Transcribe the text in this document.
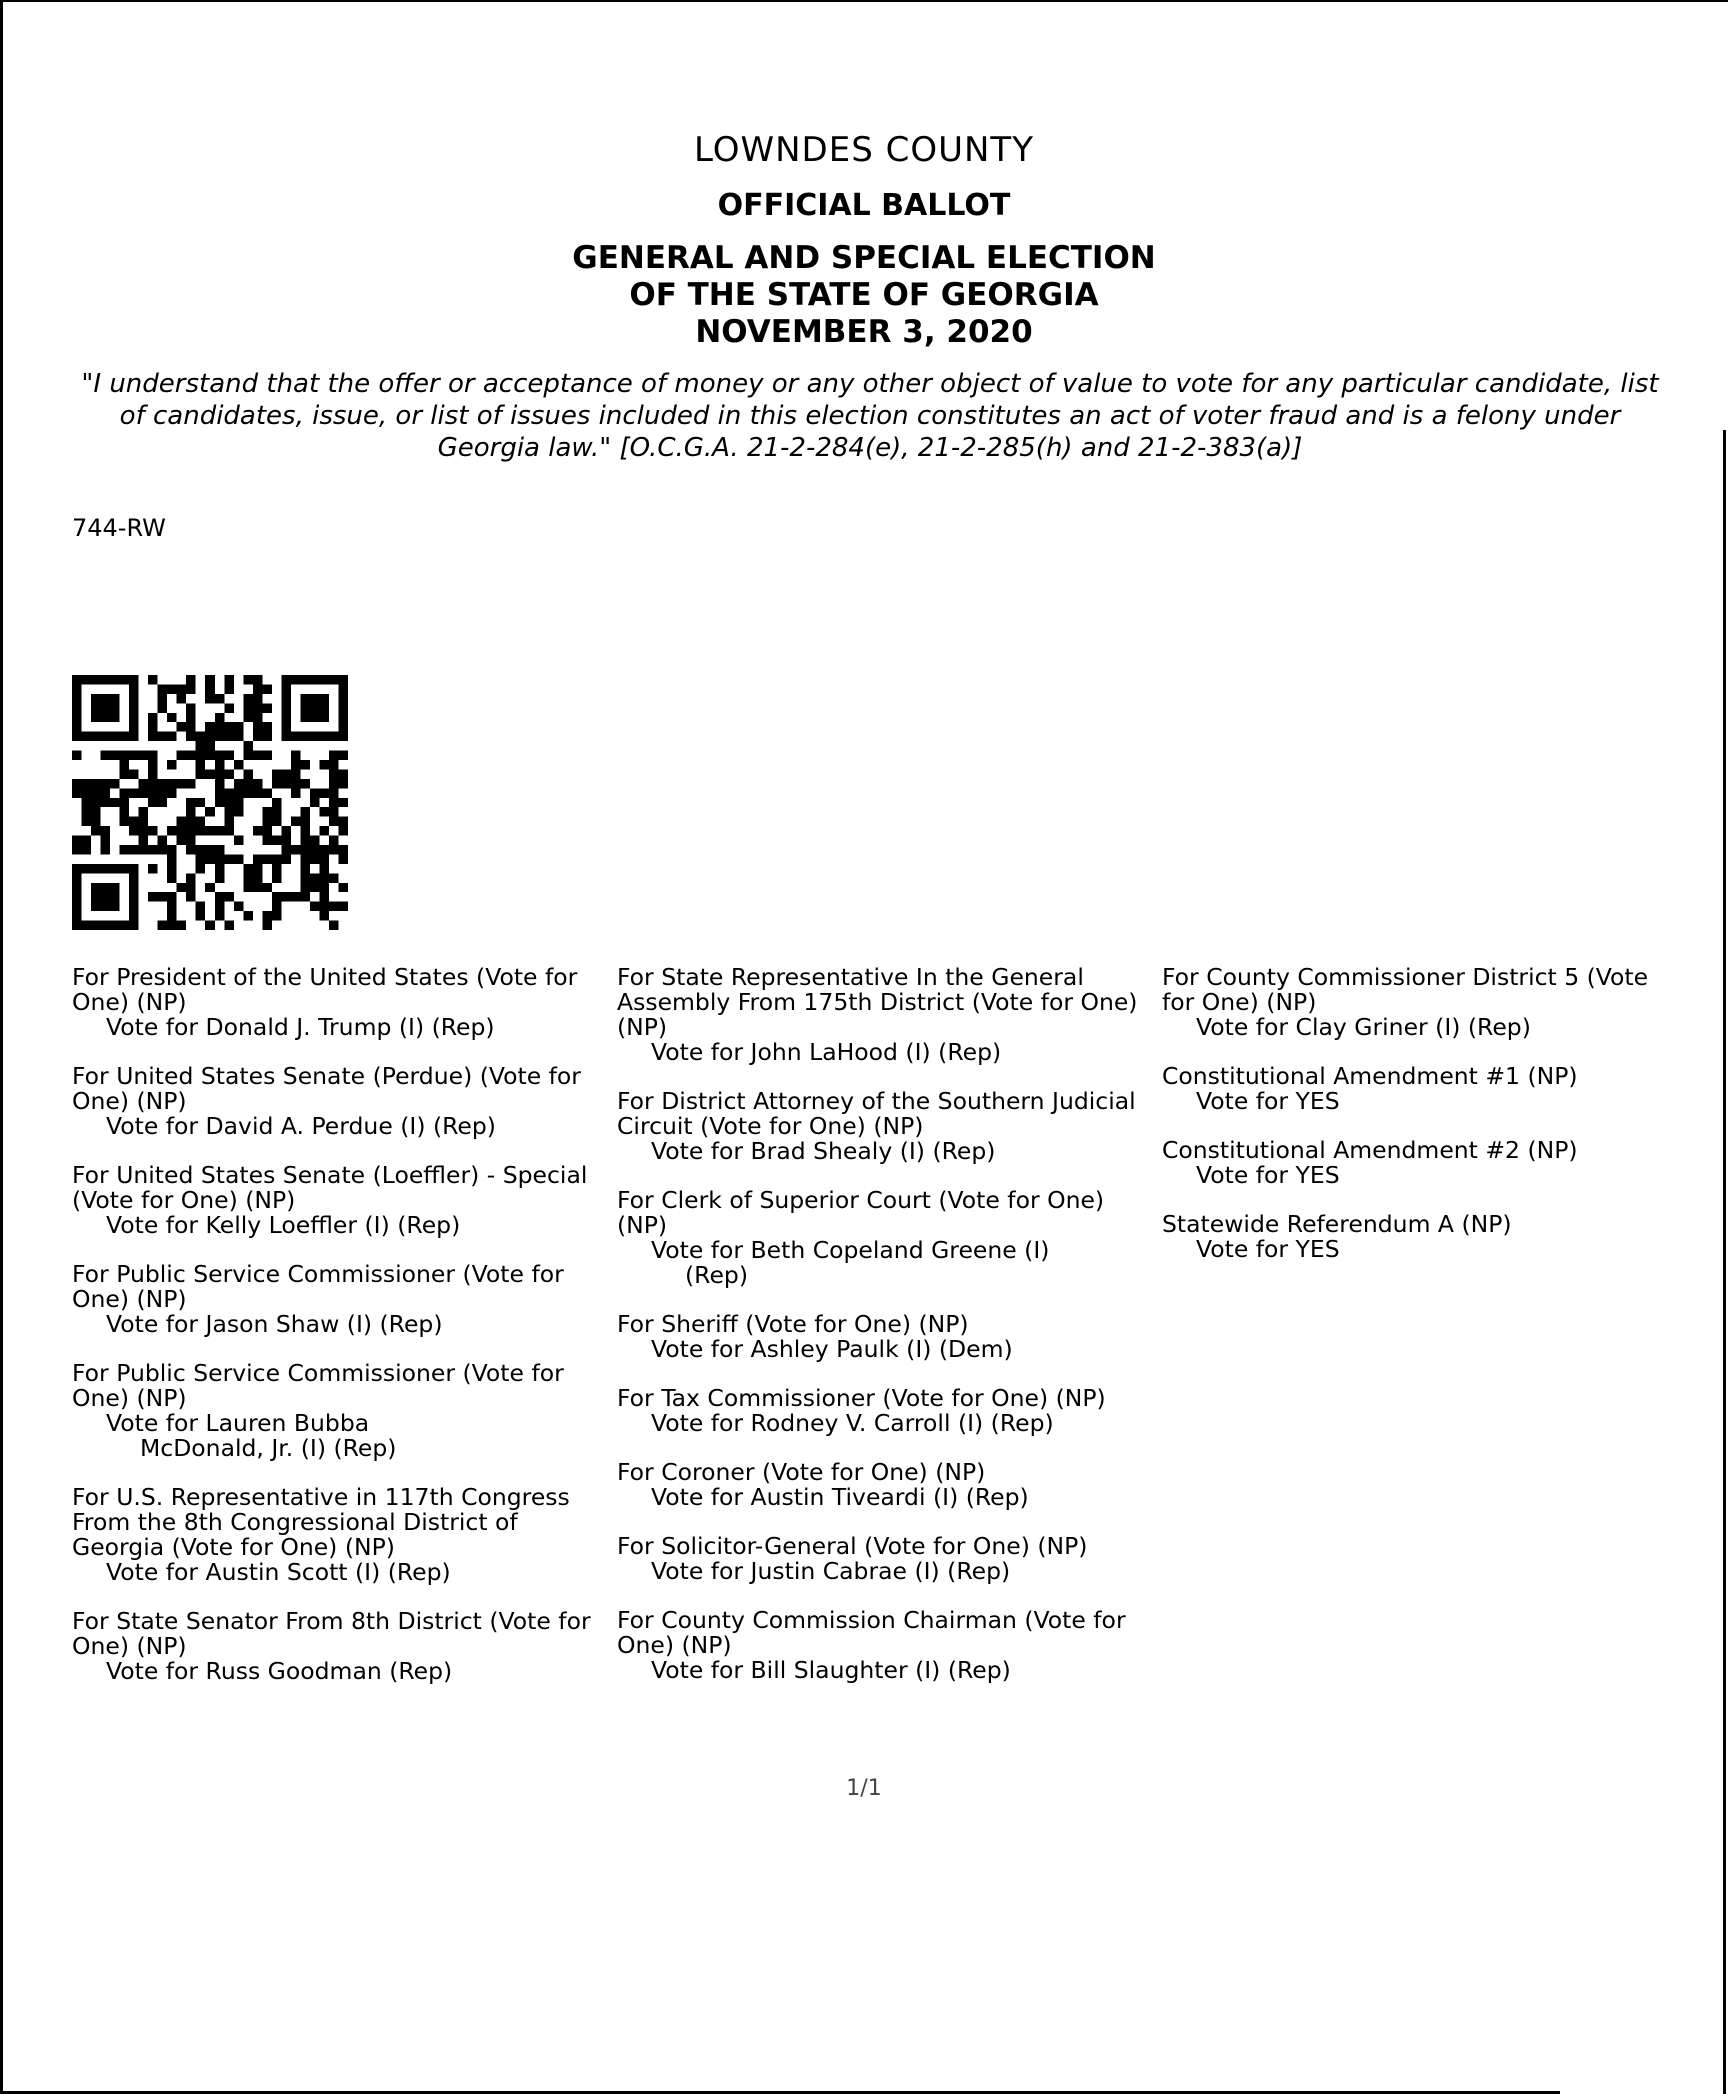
LOWNDES COUNTY
OFFICIAL BALLOT
GENERAL AND SPECIAL ELECTION
OF THE STATE OF GEORGIA
NOVEMBER 3, 2020
"I understand that the offer or acceptance of money or any other object of value to vote for any particular candidate, list of candidates, issue, or list of issues included in this election constitutes an act of voter fraud and is a felony under Georgia law." [O.C.G.A. 21-2-284(e), 21-2-285(h) and 21-2-383(a)]
744-RW
For President of the United States (Vote for One) (NP)
Vote for Donald J. Trump (I) (Rep)
For United States Senate (Perdue) (Vote for One) (NP)
Vote for David A. Perdue (I) (Rep)
For United States Senate (Loeffler) - Special (Vote for One) (NP)
Vote for Kelly Loeffler (I) (Rep)
For Public Service Commissioner (Vote for One) (NP)
Vote for Jason Shaw (I) (Rep)
For Public Service Commissioner (Vote for One) (NP)
Vote for Lauren Bubba
McDonald, Jr. (I) (Rep)
For U.S. Representative in 117th Congress From the 8th Congressional District of Georgia (Vote for One) (NP)
Vote for Austin Scott (I) (Rep)
For State Senator From 8th District (Vote for One) (NP)
Vote for Russ Goodman (Rep)
For State Representative In the General Assembly From 175th District (Vote for One) (NP)
Vote for John LaHood (I) (Rep)
For District Attorney of the Southern Judicial Circuit (Vote for One) (NP)
Vote for Brad Shealy (I) (Rep)
For Clerk of Superior Court (Vote for One) (NP)
Vote for Beth Copeland Greene (I)
(Rep)
For Sheriff (Vote for One) (NP)
Vote for Ashley Paulk (I) (Dem)
For Tax Commissioner (Vote for One) (NP)
Vote for Rodney V. Carroll (I) (Rep)
For Coroner (Vote for One) (NP)
Vote for Austin Tiveardi (I) (Rep)
For Solicitor-General (Vote for One) (NP)
Vote for Justin Cabrae (I) (Rep)
For County Commission Chairman (Vote for One) (NP)
Vote for Bill Slaughter (I) (Rep)
For County Commissioner District 5 (Vote for One) (NP)
Vote for Clay Griner (I) (Rep)
Constitutional Amendment #1 (NP)
Vote for YES
Constitutional Amendment #2 (NP)
Vote for YES
Statewide Referendum A (NP)
Vote for YES
1/1
